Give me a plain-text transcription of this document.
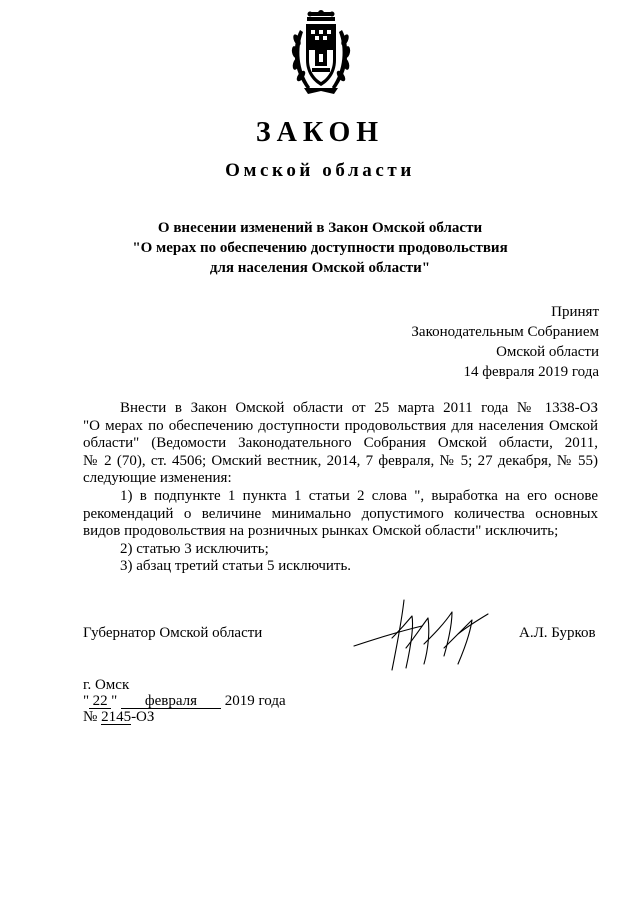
ЗАКОН
Омской области
О внесении изменений в Закон Омской области
"О мерах по обеспечению доступности продовольствия
для населения Омской области"
Принят
Законодательным Собранием
Омской области
14 февраля 2019 года
Внести в Закон Омской области от 25 марта 2011 года № 1338-ОЗ
"О мерах по обеспечению доступности продовольствия для населения Омской
области" (Ведомости Законодательного Собрания Омской области, 2011,
№ 2 (70), ст. 4506; Омский вестник, 2014, 7 февраля, № 5; 27 декабря, № 55)
следующие изменения:
1) в подпункте 1 пункта 1 статьи 2 слова ", выработка на его основе
рекомендаций о величине минимально допустимого количества основных
видов продовольствия на розничных рынках Омской области" исключить;
2) статью 3 исключить;
3) абзац третий статьи 5 исключить.
Губернатор Омской области	А.Л. Бурков
г. Омск
" 22 " февраля 2019 года
№ 2145-ОЗ
